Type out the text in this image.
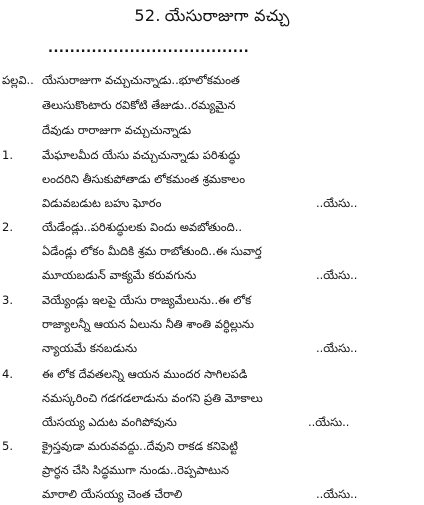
52. యేసురాజుగా వచ్చు
.....................................
పల్లవి.. యేసురాజుగా వచ్చుచున్నాడు..భూలోకమంత
తెలుసుకొంటారు రవికోటి తేజుడు..రమ్యమైన
దేవుడు రారాజుగా వచ్చుచున్నాడు
1.	మేఘాలమీద యేసు వచ్చుచున్నాడు పరిశుద్ధు
లందరిని తీసుకుపోతాడు లోకమంత శ్రమకాలం
విడువబడుట బహు ఘోరం	..యేసు..
2.	యేడేండ్లు..పరిశుద్ధులకు విందు అవబోతుంది..
ఏడేండ్లు లోకం మీదికి శ్రమ రాబోతుంది..ఈ సువార్త
మూయబడున్ వాక్యమే కరువగును	..యేసు..
3.	వెయ్యేండ్లు ఇలపై యేసు రాజ్యమేలును..ఈ లోక
రాజ్యాలన్నీ ఆయన ఏలును నీతి శాంతి వర్ధిల్లును
న్యాయమే కనబడును	..యేసు..
4.	ఈ లోక దేవతలన్ని ఆయన ముందర సాగిలపడి
నమస్కరించి గడగడలాడును వంగని ప్రతి మోకాలు
యేసయ్య ఎదుట వంగిపోవును	..యేసు..
5.	క్రైస్తవుడా మరువవద్దు..దేవుని రాకడ కనిపెట్టి
ప్రార్ధన చేసి సిద్ధముగా నుండు..రెప్పపాటున
మారాలి యేసయ్య చెంత చేరాలి	..యేసు..
